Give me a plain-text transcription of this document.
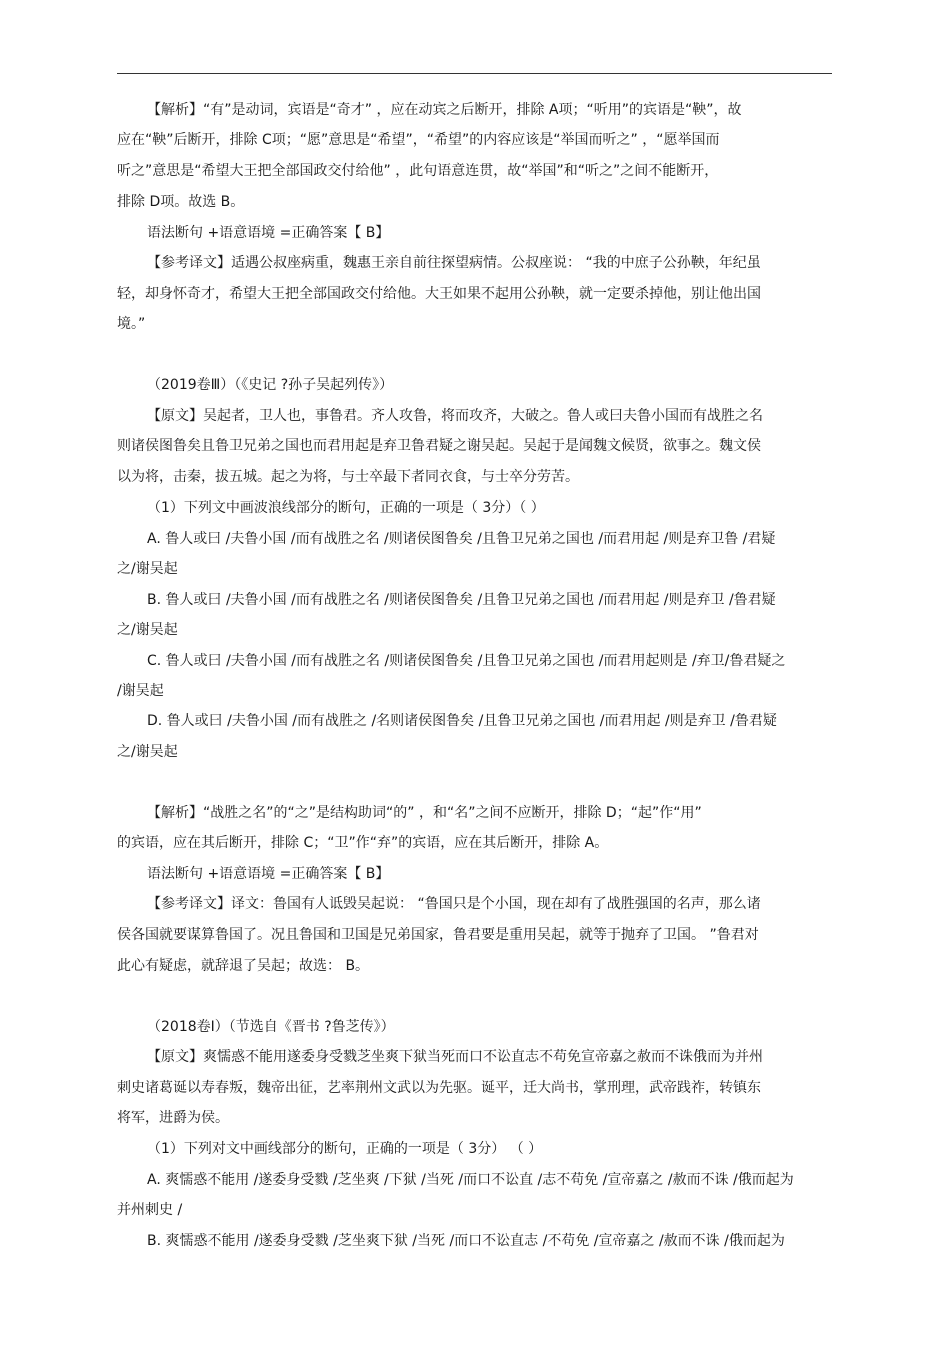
【解析】“有”是动词，宾语是“奇才” ，应在动宾之后断开，排除 A项；“听用”的宾语是“鞅”，故

应在“鞅”后断开，排除 C项；“愿”意思是“希望”，“希望”的内容应该是“举国而听之” ，“愿举国而

听之”意思是“希望大王把全部国政交付给他” ，此句语意连贯，故“举国”和“听之”之间不能断开，

排除 D项。故选 B。

语法断句 +语意语境 =正确答案【 B】

【参考译文】适遇公叔座病重，魏惠王亲自前往探望病情。公叔座说： “我的中庶子公孙鞅，年纪虽

轻，却身怀奇才，希望大王把全部国政交付给他。大王如果不起用公孙鞅，就一定要杀掉他，别让他出国

境。”

（2019卷Ⅲ）（《史记 ?孙子吴起列传》）

【原文】吴起者，卫人也，事鲁君。齐人攻鲁，将而攻齐，大破之。鲁人或曰夫鲁小国而有战胜之名

则诸侯图鲁矣且鲁卫兄弟之国也而君用起是弃卫鲁君疑之谢吴起。吴起于是闻魏文候贤，欲事之。魏文侯

以为将，击秦，拔五城。起之为将，与士卒最下者同衣食，与士卒分劳苦。

（1）下列文中画波浪线部分的断句，正确的一项是（ 3分）（ ）

A. 鲁人或曰 /夫鲁小国 /而有战胜之名 /则诸侯图鲁矣 /且鲁卫兄弟之国也 /而君用起 /则是弃卫鲁 /君疑

之/谢吴起

B. 鲁人或曰 /夫鲁小国 /而有战胜之名 /则诸侯图鲁矣 /且鲁卫兄弟之国也 /而君用起 /则是弃卫 /鲁君疑

之/谢吴起

C. 鲁人或曰 /夫鲁小国 /而有战胜之名 /则诸侯图鲁矣 /且鲁卫兄弟之国也 /而君用起则是 /弃卫/鲁君疑之

/谢吴起

D. 鲁人或曰 /夫鲁小国 /而有战胜之 /名则诸侯图鲁矣 /且鲁卫兄弟之国也 /而君用起 /则是弃卫 /鲁君疑

之/谢吴起

【解析】“战胜之名”的“之”是结构助词“的” ，和“名”之间不应断开，排除 D；“起”作“用”

的宾语，应在其后断开，排除 C；“卫”作“弃”的宾语，应在其后断开，排除 A。

语法断句 +语意语境 =正确答案【 B】

【参考译文】译文：鲁国有人诋毁吴起说： “鲁国只是个小国，现在却有了战胜强国的名声，那么诸

侯各国就要谋算鲁国了。况且鲁国和卫国是兄弟国家，鲁君要是重用吴起，就等于抛弃了卫国。 ”鲁君对

此心有疑虑，就辞退了吴起；故选： B。

（2018卷Ⅰ）（节选自《晋书 ?鲁芝传》）

【原文】爽懦惑不能用遂委身受戮芝坐爽下狱当死而口不讼直志不苟免宣帝嘉之赦而不诛俄而为并州

刺史诸葛诞以寿春叛，魏帝出征，艺率荆州文武以为先驱。诞平，迁大尚书，掌刑理，武帝践祚，转镇东

将军，进爵为侯。

（1）下列对文中画线部分的断句，正确的一项是（ 3分） （ ）

A. 爽懦惑不能用 /遂委身受戮 /芝坐爽 /下狱 /当死 /而口不讼直 /志不苟免 /宣帝嘉之 /赦而不诛 /俄而起为

并州刺史 /

B. 爽懦惑不能用 /遂委身受戮 /芝坐爽下狱 /当死 /而口不讼直志 /不苟免 /宣帝嘉之 /赦而不诛 /俄而起为
